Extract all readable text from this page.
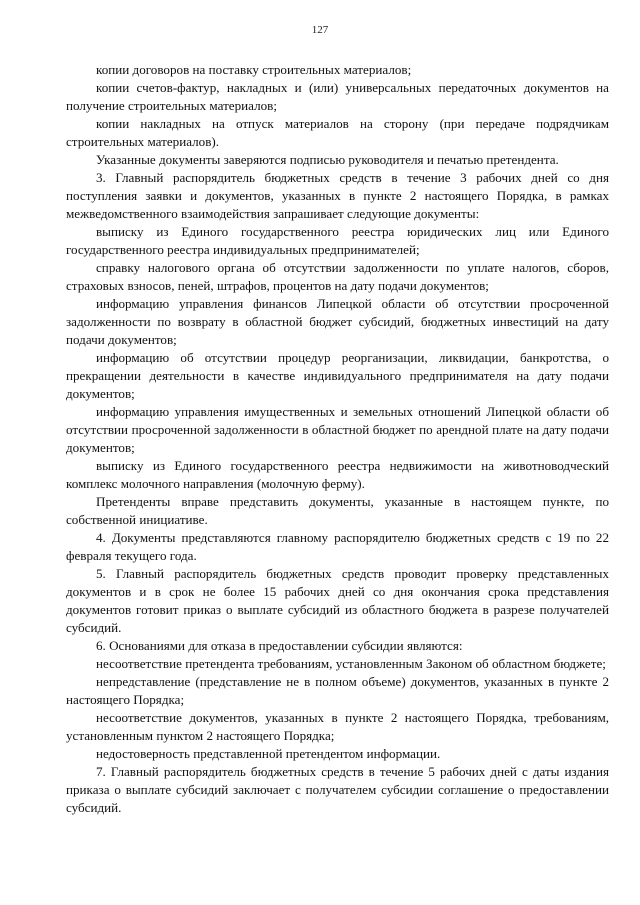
127

копии договоров на поставку строительных материалов;

копии счетов-фактур, накладных и (или) универсальных передаточных документов на получение строительных материалов;

копии накладных на отпуск материалов на сторону (при передаче подрядчикам строительных материалов).

Указанные документы заверяются подписью руководителя и печатью претендента.

3. Главный распорядитель бюджетных средств в течение 3 рабочих дней со дня поступления заявки и документов, указанных в пункте 2 настоящего Порядка, в рамках межведомственного взаимодействия запрашивает следующие документы:

выписку из Единого государственного реестра юридических лиц или Единого государственного реестра индивидуальных предпринимателей;

справку налогового органа об отсутствии задолженности по уплате налогов, сборов, страховых взносов, пеней, штрафов, процентов на дату подачи документов;

информацию управления финансов Липецкой области об отсутствии просроченной задолженности по возврату в областной бюджет субсидий, бюджетных инвестиций на дату подачи документов;

информацию об отсутствии процедур реорганизации, ликвидации, банкротства, о прекращении деятельности в качестве индивидуального предпринимателя на дату подачи документов;

информацию управления имущественных и земельных отношений Липецкой области об отсутствии просроченной задолженности в областной бюджет по арендной плате на дату подачи документов;

выписку из Единого государственного реестра недвижимости на животноводческий комплекс молочного направления (молочную ферму).

Претенденты вправе представить документы, указанные в настоящем пункте, по собственной инициативе.

4. Документы представляются главному распорядителю бюджетных средств с 19 по 22 февраля текущего года.

5. Главный распорядитель бюджетных средств проводит проверку представленных документов и в срок не более 15 рабочих дней со дня окончания срока представления документов готовит приказ о выплате субсидий из областного бюджета в разрезе получателей субсидий.

6. Основаниями для отказа в предоставлении субсидии являются:

несоответствие претендента требованиям, установленным Законом об областном бюджете;

непредставление (представление не в полном объеме) документов, указанных в пункте 2 настоящего Порядка;

несоответствие документов, указанных в пункте 2 настоящего Порядка, требованиям, установленным пунктом 2 настоящего Порядка;

недостоверность представленной претендентом информации.

7. Главный распорядитель бюджетных средств в течение 5 рабочих дней с даты издания приказа о выплате субсидий заключает с получателем субсидии соглашение о предоставлении субсидий.
